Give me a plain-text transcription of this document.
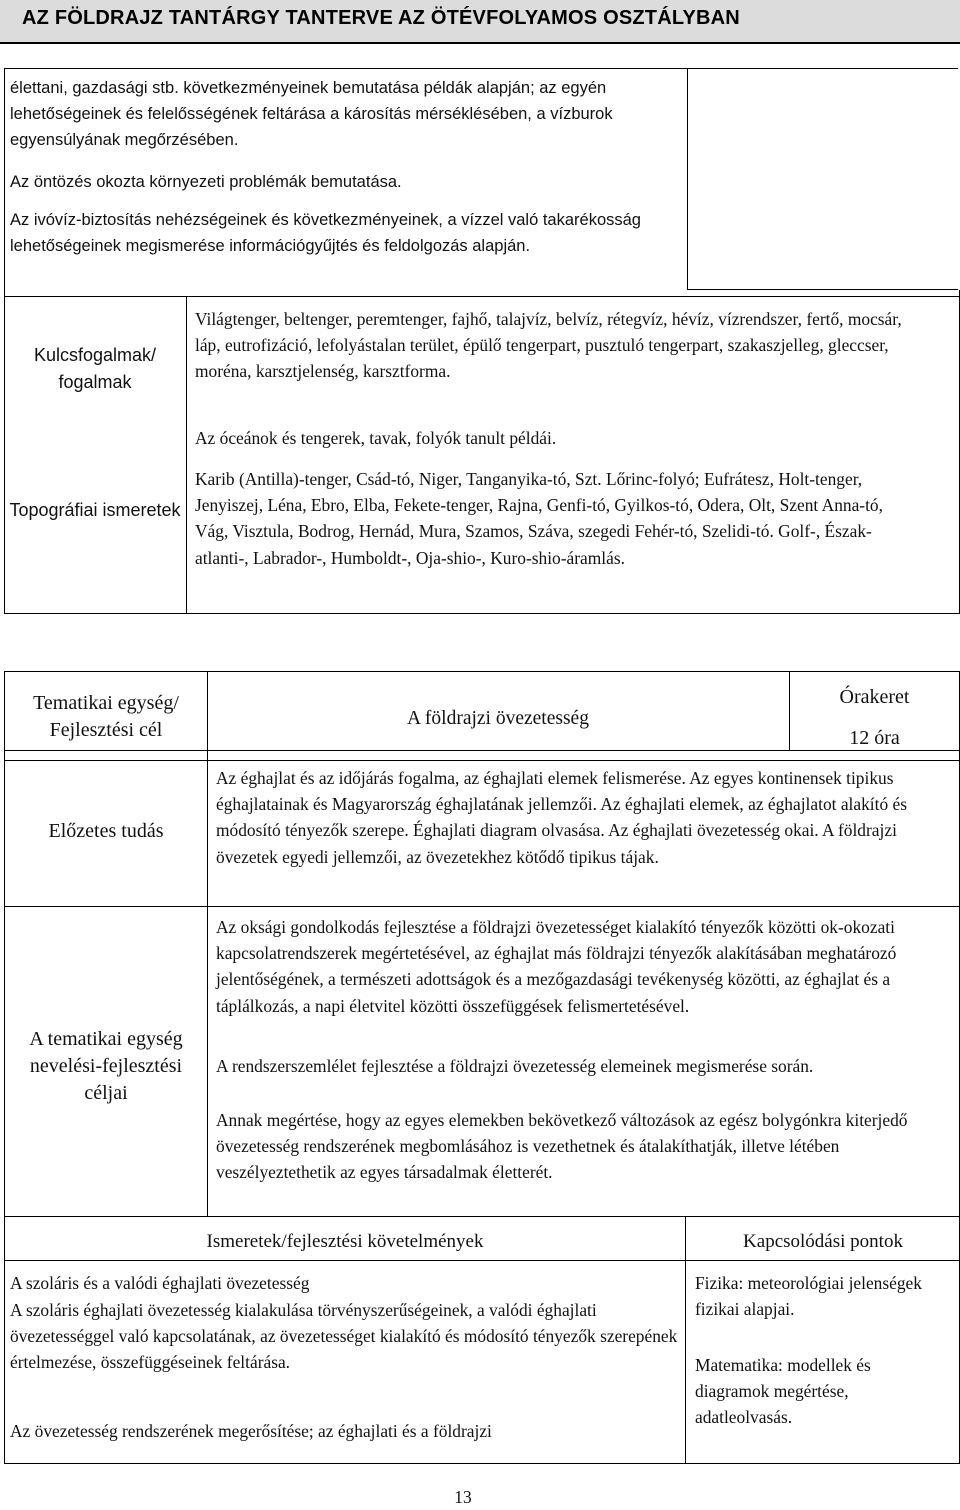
AZ FÖLDRAJZ TANTÁRGY TANTERVE AZ ÖTÉVFOLYAMOS OSZTÁLYBAN
élettani, gazdasági stb. következményeinek bemutatása példák alapján; az egyén lehetőségeinek és felelősségének feltárása a károsítás mérséklésében, a vízburok egyensúlyának megőrzésében.
Az öntözés okozta környezeti problémák bemutatása.
Az ivóvíz-biztosítás nehézségeinek és következményeinek, a vízzel való takarékosság lehetőségeinek megismerése információgyűjtés és feldolgozás alapján.
Kulcsfogalmak/ fogalmak
Világtenger, beltenger, peremtenger, fajhő, talajvíz, belvíz, rétegvíz, hévíz, vízrendszer, fertő, mocsár, láp, eutrofizáció, lefolyástalan terület, épülő tengerpart, pusztuló tengerpart, szakaszjelleg, gleccser, moréna, karsztjelenség, karsztforma.
Topográfiai ismeretek
Az óceánok és tengerek, tavak, folyók tanult példái.
Karib (Antilla)-tenger, Csád-tó, Niger, Tanganyika-tó, Szt. Lőrinc-folyó; Eufrátesz, Holt-tenger, Jenyiszej, Léna, Ebro, Elba, Fekete-tenger, Rajna, Genfi-tó, Gyilkos-tó, Odera, Olt, Szent Anna-tó, Vág, Visztula, Bodrog, Hernád, Mura, Szamos, Száva, szegedi Fehér-tó, Szelidi-tó. Golf-, Észak-atlanti-, Labrador-, Humboldt-, Oja-shio-, Kuro-shio-áramlás.
Tematikai egység/ Fejlesztési cél
A földrajzi övezetesség
Órakeret
12 óra
Előzetes tudás
Az éghajlat és az időjárás fogalma, az éghajlati elemek felismerése. Az egyes kontinensek tipikus éghajlatainak és Magyarország éghajlatának jellemzői. Az éghajlati elemek, az éghajlatot alakító és módosító tényezők szerepe. Éghajlati diagram olvasása. Az éghajlati övezetesség okai. A földrajzi övezetek egyedi jellemzői, az övezetekhez kötődő tipikus tájak.
A tematikai egység nevelési-fejlesztési céljai
Az oksági gondolkodás fejlesztése a földrajzi övezetességet kialakító tényezők közötti ok-okozati kapcsolatrendszerek megértetésével, az éghajlat más földrajzi tényezők alakításában meghatározó jelentőségének, a természeti adottságok és a mezőgazdasági tevékenység közötti, az éghajlat és a táplálkozás, a napi életvitel közötti összefüggések felismertetésével.
A rendszerszemlélet fejlesztése a földrajzi övezetesség elemeinek megismerése során.
Annak megértése, hogy az egyes elemekben bekövetkező változások az egész bolygónkra kiterjedő övezetesség rendszerének megbomlásához is vezethetnek és átalakíthatják, illetve létében veszélyeztethetik az egyes társadalmak életterét.
Ismeretek/fejlesztési követelmények	Kapcsolódási pontok
A szoláris és a valódi éghajlati övezetesség
A szoláris éghajlati övezetesség kialakulása törvényszerűségeinek, a valódi éghajlati övezetességgel való kapcsolatának, az övezetességet kialakító és módosító tényezők szerepének értelmezése, összefüggéseinek feltárása.
Az övezetesség rendszerének megerősítése; az éghajlati és a földrajzi
Fizika: meteorológiai jelenségek fizikai alapjai.
Matematika: modellek és diagramok megértése, adatleolvasás.
13
